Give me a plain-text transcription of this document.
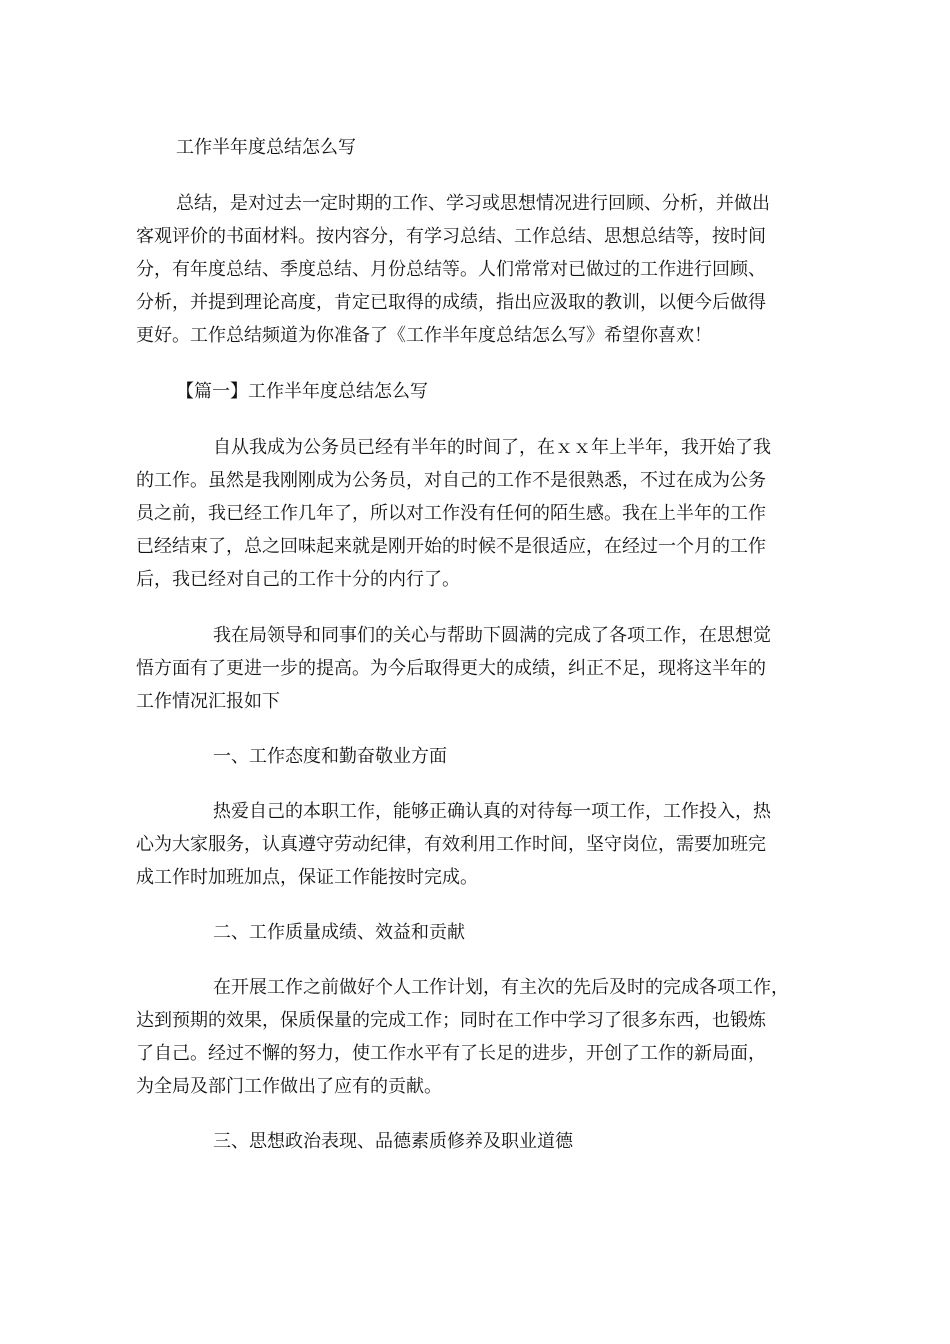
工作半年度总结怎么写
总结，是对过去一定时期的工作、学习或思想情况进行回顾、分析，并做出
客观评价的书面材料。按内容分，有学习总结、工作总结、思想总结等，按时间
分，有年度总结、季度总结、月份总结等。人们常常对已做过的工作进行回顾、
分析，并提到理论高度，肯定已取得的成绩，指出应汲取的教训，以便今后做得
更好。工作总结频道为你准备了《工作半年度总结怎么写》希望你喜欢！
【篇一】工作半年度总结怎么写
自从我成为公务员已经有半年的时间了，在ｘｘ年上半年，我开始了我
的工作。虽然是我刚刚成为公务员，对自己的工作不是很熟悉，不过在成为公务
员之前，我已经工作几年了，所以对工作没有任何的陌生感。我在上半年的工作
已经结束了，总之回味起来就是刚开始的时候不是很适应，在经过一个月的工作
后，我已经对自己的工作十分的内行了。
我在局领导和同事们的关心与帮助下圆满的完成了各项工作，在思想觉
悟方面有了更进一步的提高。为今后取得更大的成绩，纠正不足，现将这半年的
工作情况汇报如下
一、工作态度和勤奋敬业方面
热爱自己的本职工作，能够正确认真的对待每一项工作，工作投入，热
心为大家服务，认真遵守劳动纪律，有效利用工作时间，坚守岗位，需要加班完
成工作时加班加点，保证工作能按时完成。
二、工作质量成绩、效益和贡献
在开展工作之前做好个人工作计划，有主次的先后及时的完成各项工作，
达到预期的效果，保质保量的完成工作；同时在工作中学习了很多东西，也锻炼
了自己。经过不懈的努力，使工作水平有了长足的进步，开创了工作的新局面，
为全局及部门工作做出了应有的贡献。
三、思想政治表现、品德素质修养及职业道德
